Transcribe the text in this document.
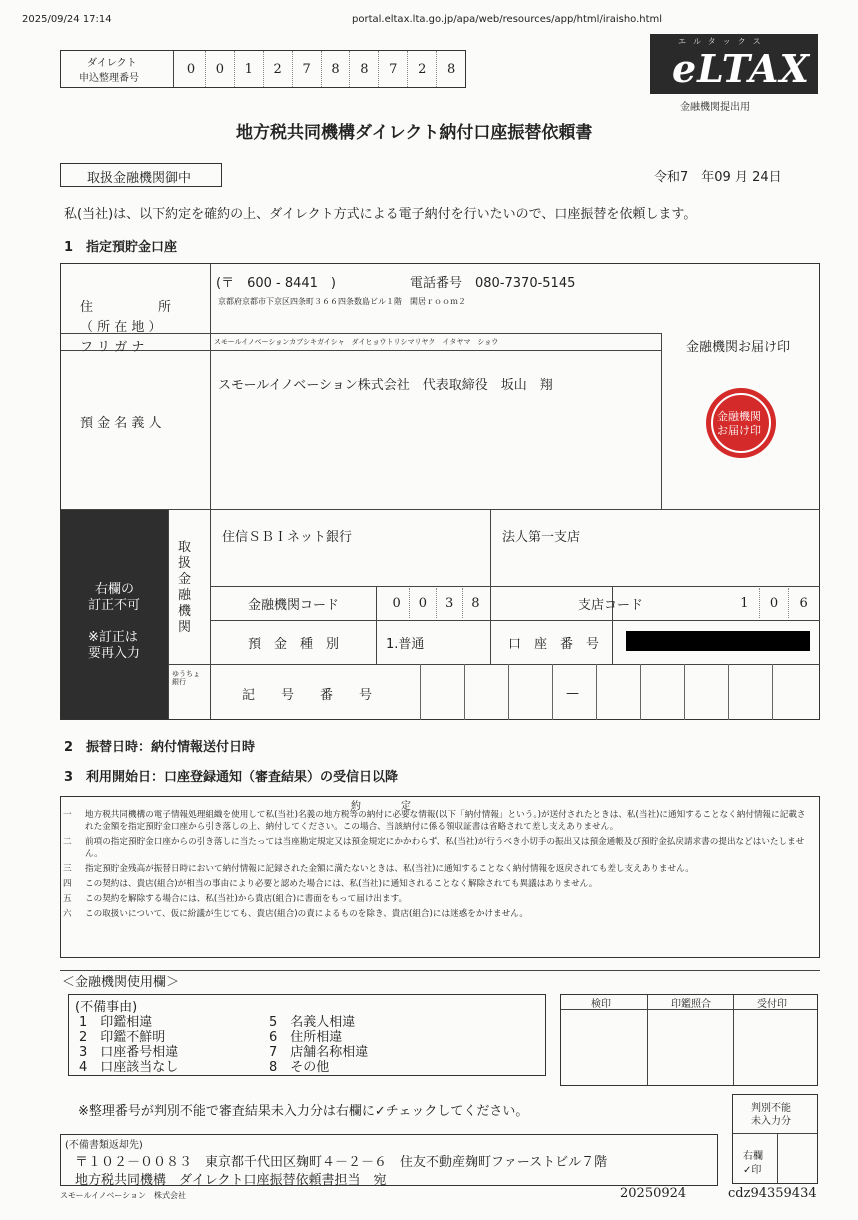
2025/09/24 17:14	portal.eltax.lta.go.jp/apa/web/resources/app/html/iraisho.html
ダイレクト
申込整理番号
0	0	1	2	7	8	8	7	2	8
エルタックス
eLTAX
金融機関提出用
地方税共同機構ダイレクト納付口座振替依頼書
取扱金融機関御中	令和7　年09 月 24日
私(当社)は、以下約定を確約の上、ダイレクト方式による電子納付を行いたいので、口座振替を依頼します。
1　指定預貯金口座
住　　　　　所
（ 所 在 地 ）
(〒　600 - 8441　)	電話番号　080-7370-5145
京都府京都市下京区四条町３６６四条数島ビル１階　閑居ｒｏｏｍ２
フ リ ガ ナ	スモールイノベーションカブシキガイシャ　ダイヒョウトリシマリヤク　イタヤマ　ショウ	金融機関お届け印
預 金 名 義 人
スモールイノベーション株式会社　代表取締役　坂山　翔
金融機関
お届け印
右欄の
訂正不可
※訂正は
要再入力
取扱金融機関
住信ＳＢＩネット銀行	法人第一支店
金融機関コード	0	0	3	8	支店コード	1	0	6
預　金　種　別	1.普通	口　座　番　号
ゆうちょ銀行
記　　号　　番　　号	—
2　振替日時：納付情報送付日時
3　利用開始日：口座登録通知（審査結果）の受信日以降
約　　　　定
一	地方税共同機構の電子情報処理組織を使用して私(当社)名義の地方税等の納付に必要な情報(以下「納付情報」という。)が送付されたときは、私(当社)に通知することなく納付情報に記載された金額を指定預貯金口座から引き落しの上、納付してください。この場合、当該納付に係る領収証書は省略されて差し支えありません。
二	前項の指定預貯金口座からの引き落しに当たっては当座勘定規定又は預金規定にかかわらず、私(当社)が行うべき小切手の振出又は預金通帳及び預貯金払戻請求書の提出などはいたしません。
三	指定預貯金残高が振替日時において納付情報に記録された金額に満たないときは、私(当社)に通知することなく納付情報を返戻されても差し支えありません。
四	この契約は、貴店(組合)が相当の事由により必要と認めた場合には、私(当社)に通知されることなく解除されても異議はありません。
五	この契約を解除する場合には、私(当社)から貴店(組合)に書面をもって届け出ます。
六	この取扱いについて、仮に紛議が生じても、貴店(組合)の責によるものを除き、貴店(組合)には迷惑をかけません。
＜金融機関使用欄＞
(不備事由)
1　印鑑相違
2　印鑑不鮮明
3　口座番号相違
4　口座該当なし
5　名義人相違
6　住所相違
7　店舗名称相違
8　その他
検印	印鑑照合	受付印
※整理番号が判別不能で審査結果未入力分は右欄に✓チェックしてください。	判別不能
未入力分
右欄
✓印
(不備書類返却先)
〒１０２－００８３　東京都千代田区麹町４－２－６　住友不動産麹町ファーストビル７階
地方税共同機構　ダイレクト口座振替依頼書担当　宛
スモールイノベーション　株式会社	20250924	cdz94359434
